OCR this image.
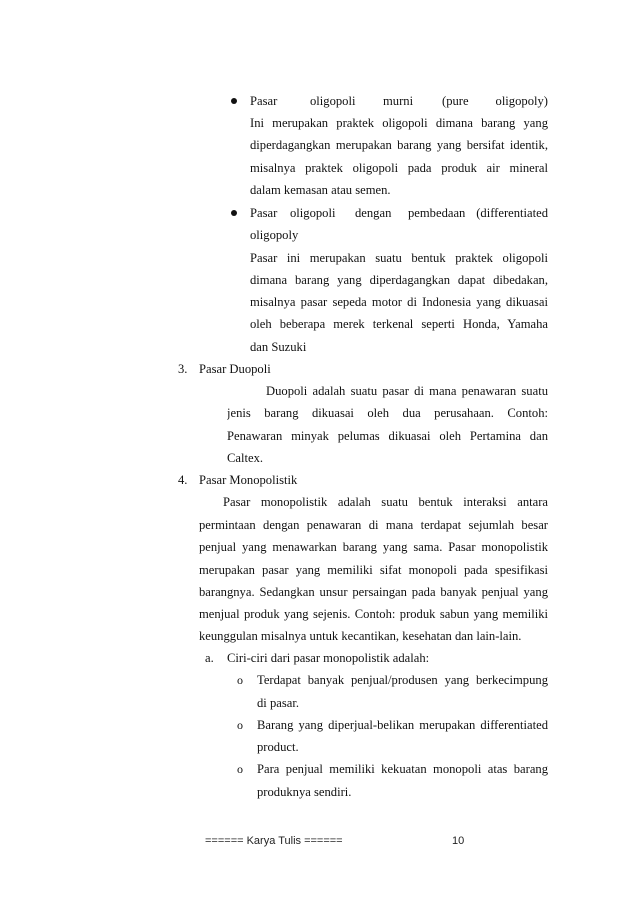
Pasar	oligopoli murni (pure oligopoly)
Ini merupakan praktek oligopoli dimana barang yang
diperdagangkan merupakan barang yang bersifat identik,
misalnya praktek oligopoli pada produk air mineral
dalam kemasan atau semen.
Pasar oligopoli dengan pembedaan (differentiated
oligopoly
Pasar ini merupakan suatu bentuk praktek oligopoli
dimana barang yang diperdagangkan dapat dibedakan,
misalnya pasar sepeda motor di Indonesia yang dikuasai
oleh beberapa merek terkenal seperti Honda, Yamaha
dan Suzuki
3. Pasar Duopoli
Duopoli adalah suatu pasar di mana penawaran suatu
jenis barang dikuasai oleh dua perusahaan. Contoh:
Penawaran minyak pelumas dikuasai oleh Pertamina dan
Caltex.
4. Pasar Monopolistik
Pasar monopolistik adalah suatu bentuk interaksi antara
permintaan dengan penawaran di mana terdapat sejumlah besar
penjual yang menawarkan barang yang sama. Pasar monopolistik
merupakan pasar yang memiliki sifat monopoli pada spesifikasi
barangnya. Sedangkan unsur persaingan pada banyak penjual yang
menjual produk yang sejenis. Contoh: produk sabun yang memiliki
keunggulan misalnya untuk kecantikan, kesehatan dan lain-lain.
a. Ciri-ciri dari pasar monopolistik adalah:
o Terdapat banyak penjual/produsen yang berkecimpung
di pasar.
o Barang yang diperjual-belikan merupakan differentiated
product.
o Para penjual memiliki kekuatan monopoli atas barang
produknya sendiri.
====== Karya Tulis ======	10
